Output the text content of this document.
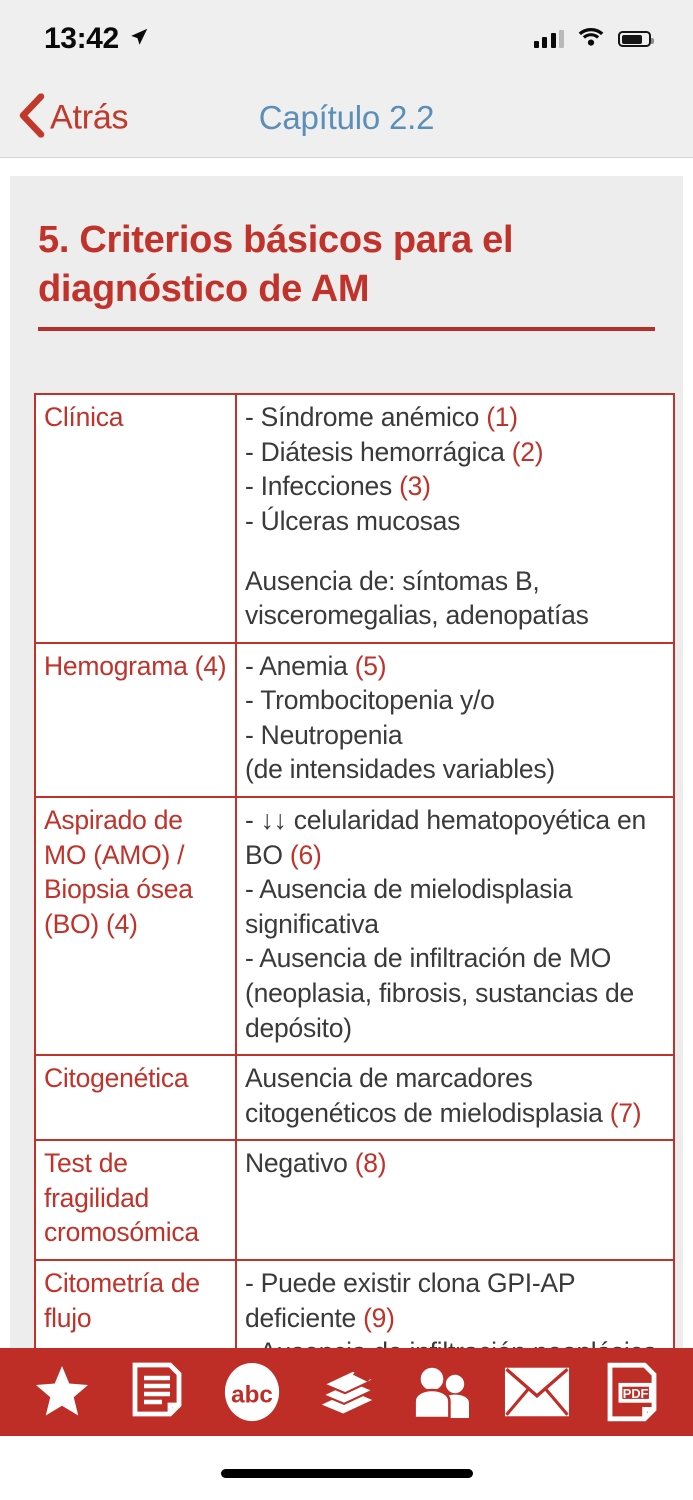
13:42
Atrás	Capítulo 2.2
5. Criterios básicos para el diagnóstico de AM
Clínica	- Síndrome anémico (1)
- Diátesis hemorrágica (2)
- Infecciones (3)
- Úlceras mucosas
Ausencia de: síntomas B, visceromegalias, adenopatías

Hemograma (4)	- Anemia (5)
- Trombocitopenia y/o
- Neutropenia
(de intensidades variables)

Aspirado de MO (AMO) / Biopsia ósea (BO) (4)	- ↓↓ celularidad hematopoyética en BO (6)
- Ausencia de mielodisplasia significativa
- Ausencia de infiltración de MO (neoplasia, fibrosis, sustancias de depósito)

Citogenética	Ausencia de marcadores citogenéticos de mielodisplasia (7)

Test de fragilidad cromosómica	Negativo (8)

Citometría de flujo	- Puede existir clona GPI-AP deficiente (9)

abc	PDF
